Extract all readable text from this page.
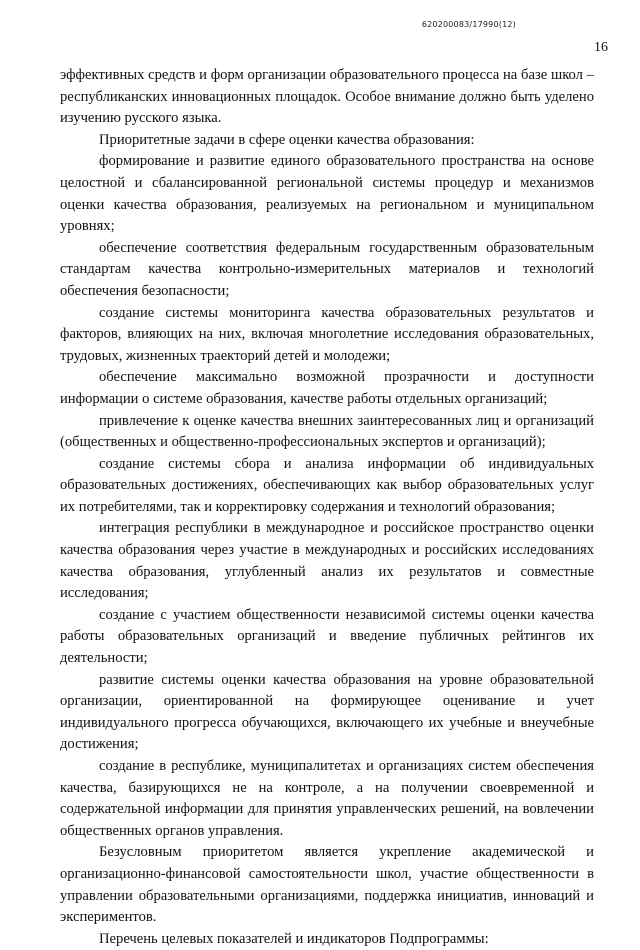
620200083/17990(12)
16

эффективных средств и форм организации образовательного процесса на базе школ – республиканских инновационных площадок. Особое внимание должно быть уделено изучению русского языка.

Приоритетные задачи в сфере оценки качества образования:

формирование и развитие единого образовательного пространства на основе целостной и сбалансированной региональной системы процедур и механизмов оценки качества образования, реализуемых на региональном и муниципальном уровнях;

обеспечение соответствия федеральным государственным образовательным стандартам качества контрольно-измерительных материалов и технологий обеспечения безопасности;

создание системы мониторинга качества образовательных результатов и факторов, влияющих на них, включая многолетние исследования образовательных, трудовых, жизненных траекторий детей и молодежи;

обеспечение максимально возможной прозрачности и доступности информации о системе образования, качестве работы отдельных организаций;

привлечение к оценке качества внешних заинтересованных лиц и организаций (общественных и общественно-профессиональных экспертов и организаций);

создание системы сбора и анализа информации об индивидуальных образовательных достижениях, обеспечивающих как выбор образовательных услуг их потребителями, так и корректировку содержания и технологий образования;

интеграция республики в международное и российское пространство оценки качества образования через участие в международных и российских исследованиях качества образования, углубленный анализ их результатов и совместные исследования;

создание с участием общественности независимой системы оценки качества работы образовательных организаций и введение публичных рейтингов их деятельности;

развитие системы оценки качества образования на уровне образовательной организации, ориентированной на формирующее оценивание и учет индивидуального прогресса обучающихся, включающего их учебные и внеучебные достижения;

создание в республике, муниципалитетах и организациях систем обеспечения качества, базирующихся не на контроле, а на получении своевременной и содержательной информации для принятия управленческих решений, на вовлечении общественных органов управления.

Безусловным приоритетом является укрепление академической и организационно-финансовой самостоятельности школ, участие общественности в управлении образовательными организациями, поддержка инициатив, инноваций и экспериментов.

Перечень целевых показателей и индикаторов Подпрограммы:
